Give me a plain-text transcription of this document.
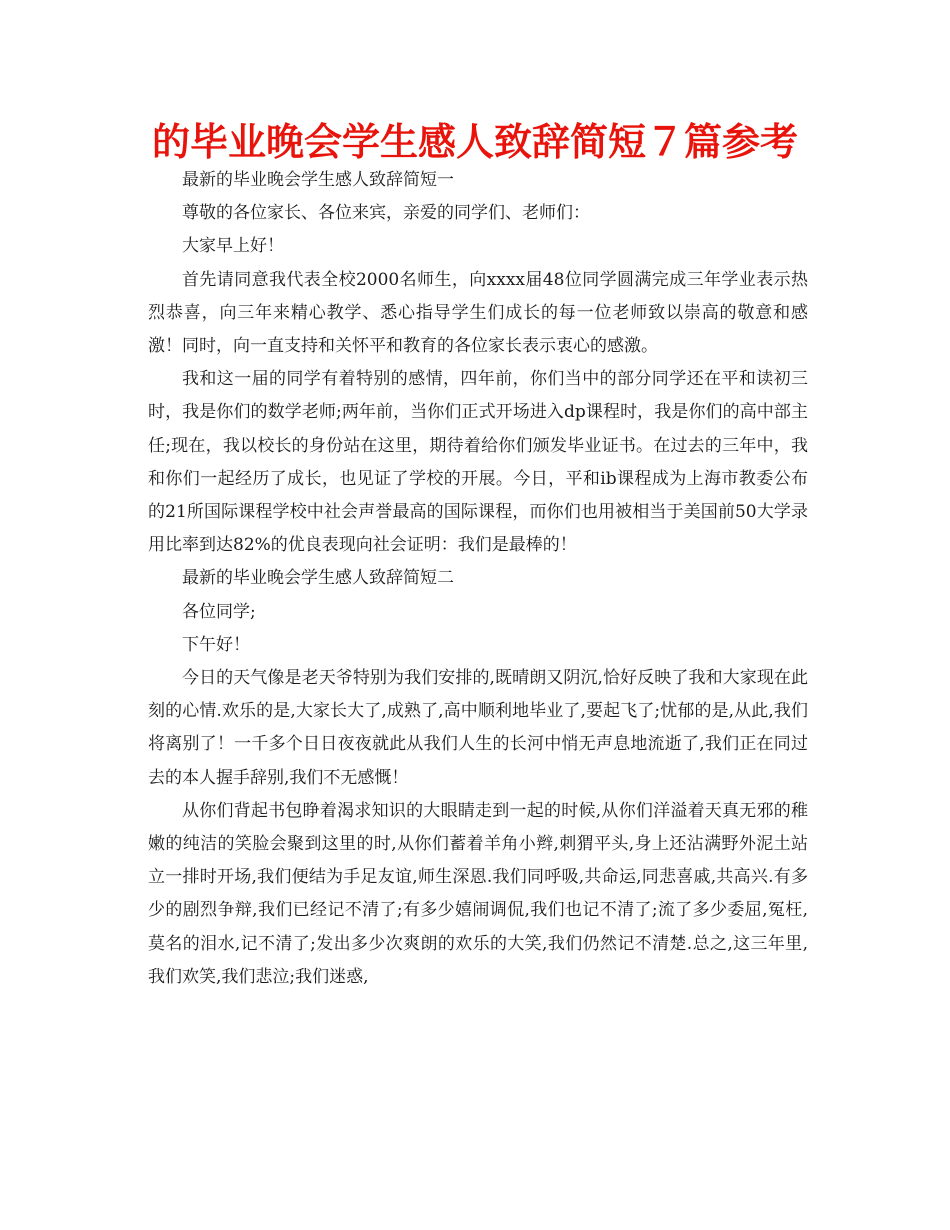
的毕业晚会学生感人致辞简短７篇参考

最新的毕业晚会学生感人致辞简短一

尊敬的各位家长、各位来宾，亲爱的同学们、老师们：

大家早上好！

首先请同意我代表全校2000名师生，向xxxx届48位同学圆满完成三年学业表示热烈恭喜，向三年来精心教学、悉心指导学生们成长的每一位老师致以崇高的敬意和感激！同时，向一直支持和关怀平和教育的各位家长表示衷心的感激。

我和这一届的同学有着特别的感情，四年前，你们当中的部分同学还在平和读初三时，我是你们的数学老师;两年前，当你们正式开场进入dp课程时，我是你们的高中部主任;现在，我以校长的身份站在这里，期待着给你们颁发毕业证书。在过去的三年中，我和你们一起经历了成长，也见证了学校的开展。今日，平和ib课程成为上海市教委公布的21所国际课程学校中社会声誉最高的国际课程，而你们也用被相当于美国前50大学录用比率到达82%的优良表现向社会证明：我们是最棒的！

最新的毕业晚会学生感人致辞简短二

各位同学;

下午好！

今日的天气像是老天爷特别为我们安排的,既晴朗又阴沉,恰好反映了我和大家现在此刻的心情.欢乐的是,大家长大了,成熟了,高中顺利地毕业了,要起飞了;忧郁的是,从此,我们将离别了！一千多个日日夜夜就此从我们人生的长河中悄无声息地流逝了,我们正在同过去的本人握手辞别,我们不无感慨！

从你们背起书包睁着渴求知识的大眼睛走到一起的时候,从你们洋溢着天真无邪的稚嫩的纯洁的笑脸会聚到这里的时,从你们蓄着羊角小辫,刺猬平头,身上还沾满野外泥土站立一排时开场,我们便结为手足友谊,师生深恩.我们同呼吸,共命运,同悲喜戚,共高兴.有多少的剧烈争辩,我们已经记不清了;有多少嬉闹调侃,我们也记不清了;流了多少委屈,冤枉,莫名的泪水,记不清了;发出多少次爽朗的欢乐的大笑,我们仍然记不清楚.总之,这三年里,我们欢笑,我们悲泣;我们迷惑,
